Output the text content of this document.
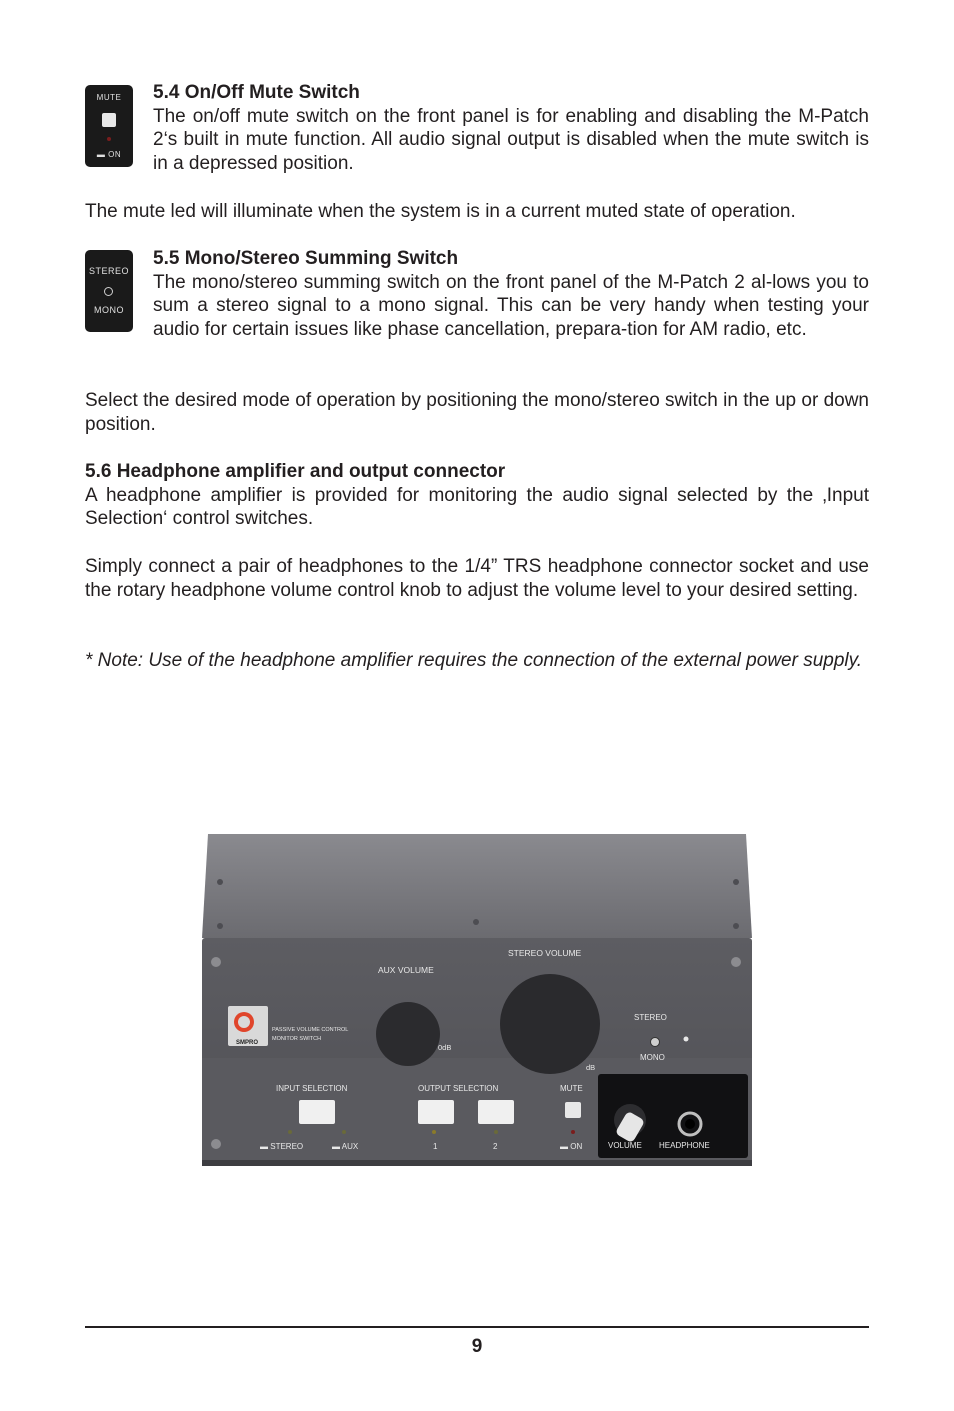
MUTE
▬ ON

5.4 On/Off Mute Switch
The on/off mute switch on the front panel is for enabling and disabling the M-Patch 2‘s built in mute function. All audio signal output is disabled when the mute switch is in a depressed position.

The mute led will illuminate when the system is in a current muted state of operation.

STEREO
MONO

5.5 Mono/Stereo Summing Switch
The mono/stereo summing switch on the front panel of the M-Patch 2 al-lows you to sum a stereo signal to a mono signal. This can be very handy when testing your audio for certain issues like phase cancellation, prepara-tion for AM radio, etc.

Select the desired mode of operation by positioning the mono/stereo switch in the up or down position.

5.6 Headphone amplifier and output connector
A headphone amplifier is provided for monitoring the audio signal selected by the ‚Input Selection‘ control switches.

Simply connect a pair of headphones to the 1/4” TRS headphone connector socket and use the rotary headphone volume control knob to adjust the volume level to your desired setting.

* Note: Use of the headphone amplifier requires the connection of the external power supply.

SMPRO
PASSIVE VOLUME CONTROL
MONITOR SWITCH
AUX VOLUME
0dB
STEREO VOLUME
dB
STEREO
MONO
INPUT SELECTION
▬ STEREO	▬ AUX
OUTPUT SELECTION
1	2
MUTE
▬ ON	VOLUME HEADPHONE
9
